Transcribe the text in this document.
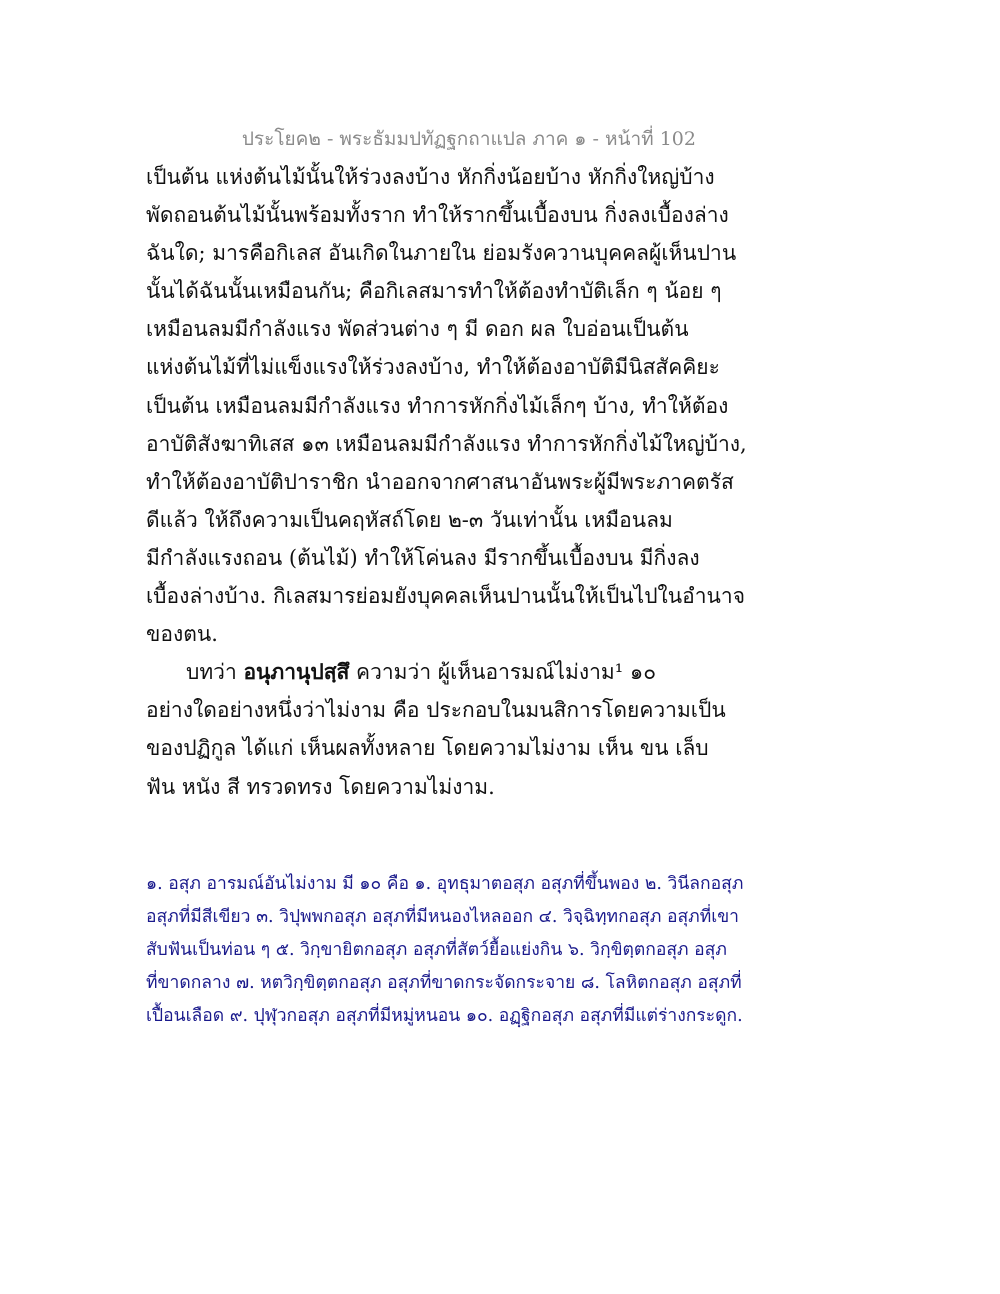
ประโยค๒ - พระธัมมปทัฏฐกถาแปล ภาค ๑ - หน้าที่ 102
เป็นต้น แห่งต้นไม้นั้นให้ร่วงลงบ้าง หักกิ่งน้อยบ้าง หักกิ่งใหญ่บ้าง
พัดถอนต้นไม้นั้นพร้อมทั้งราก ทำให้รากขึ้นเบื้องบน กิ่งลงเบื้องล่าง
ฉันใด; มารคือกิเลส อันเกิดในภายใน ย่อมรังควานบุคคลผู้เห็นปาน
นั้นได้ฉันนั้นเหมือนกัน; คือกิเลสมารทำให้ต้องทำบัติเล็ก ๆ น้อย ๆ
เหมือนลมมีกำลังแรง พัดส่วนต่าง ๆ มี ดอก ผล ใบอ่อนเป็นต้น
แห่งต้นไม้ที่ไม่แข็งแรงให้ร่วงลงบ้าง, ทำให้ต้องอาบัติมีนิสสัคคิยะ
เป็นต้น เหมือนลมมีกำลังแรง ทำการหักกิ่งไม้เล็กๆ บ้าง, ทำให้ต้อง
อาบัติสังฆาทิเสส ๑๓ เหมือนลมมีกำลังแรง ทำการหักกิ่งไม้ใหญ่บ้าง,
ทำให้ต้องอาบัติปาราชิก นำออกจากศาสนาอันพระผู้มีพระภาคตรัส
ดีแล้ว ให้ถึงความเป็นคฤหัสถ์โดย ๒-๓ วันเท่านั้น เหมือนลม
มีกำลังแรงถอน (ต้นไม้) ทำให้โค่นลง มีรากขึ้นเบื้องบน มีกิ่งลง
เบื้องล่างบ้าง. กิเลสมารย่อมยังบุคคลเห็นปานนั้นให้เป็นไปในอำนาจ
ของตน.
บทว่า อนุภานุปสฺสึ ความว่า ผู้เห็นอารมณ์ไม่งาม¹ ๑๐
อย่างใดอย่างหนึ่งว่าไม่งาม คือ ประกอบในมนสิการโดยความเป็น
ของปฏิกูล ได้แก่ เห็นผลทั้งหลาย โดยความไม่งาม เห็น ขน เล็บ
ฟัน หนัง สี ทรวดทรง โดยความไม่งาม.
๑. อสุภ อารมณ์อันไม่งาม มี ๑๐ คือ ๑. อุทธุมาตอสุภ อสุภที่ขึ้นพอง ๒. วินีลกอสุภ
อสุภที่มีสีเขียว ๓. วิปุพพกอสุภ อสุภที่มีหนองไหลออก ๔. วิจฺฉิทฺทกอสุภ อสุภที่เขา
สับฟันเป็นท่อน ๆ ๕. วิกฺขายิตกอสุภ อสุภที่สัตว์ยื้อแย่งกิน ๖. วิกฺขิตฺตกอสุภ อสุภ
ที่ขาดกลาง ๗. หตวิกฺขิตฺตกอสุภ อสุภที่ขาดกระจัดกระจาย ๘. โลหิตกอสุภ อสุภที่
เปื้อนเลือด ๙. ปุฬุวกอสุภ อสุภที่มีหมู่หนอน ๑๐. อฏฺฐิกอสุภ อสุภที่มีแต่ร่างกระดูก.
